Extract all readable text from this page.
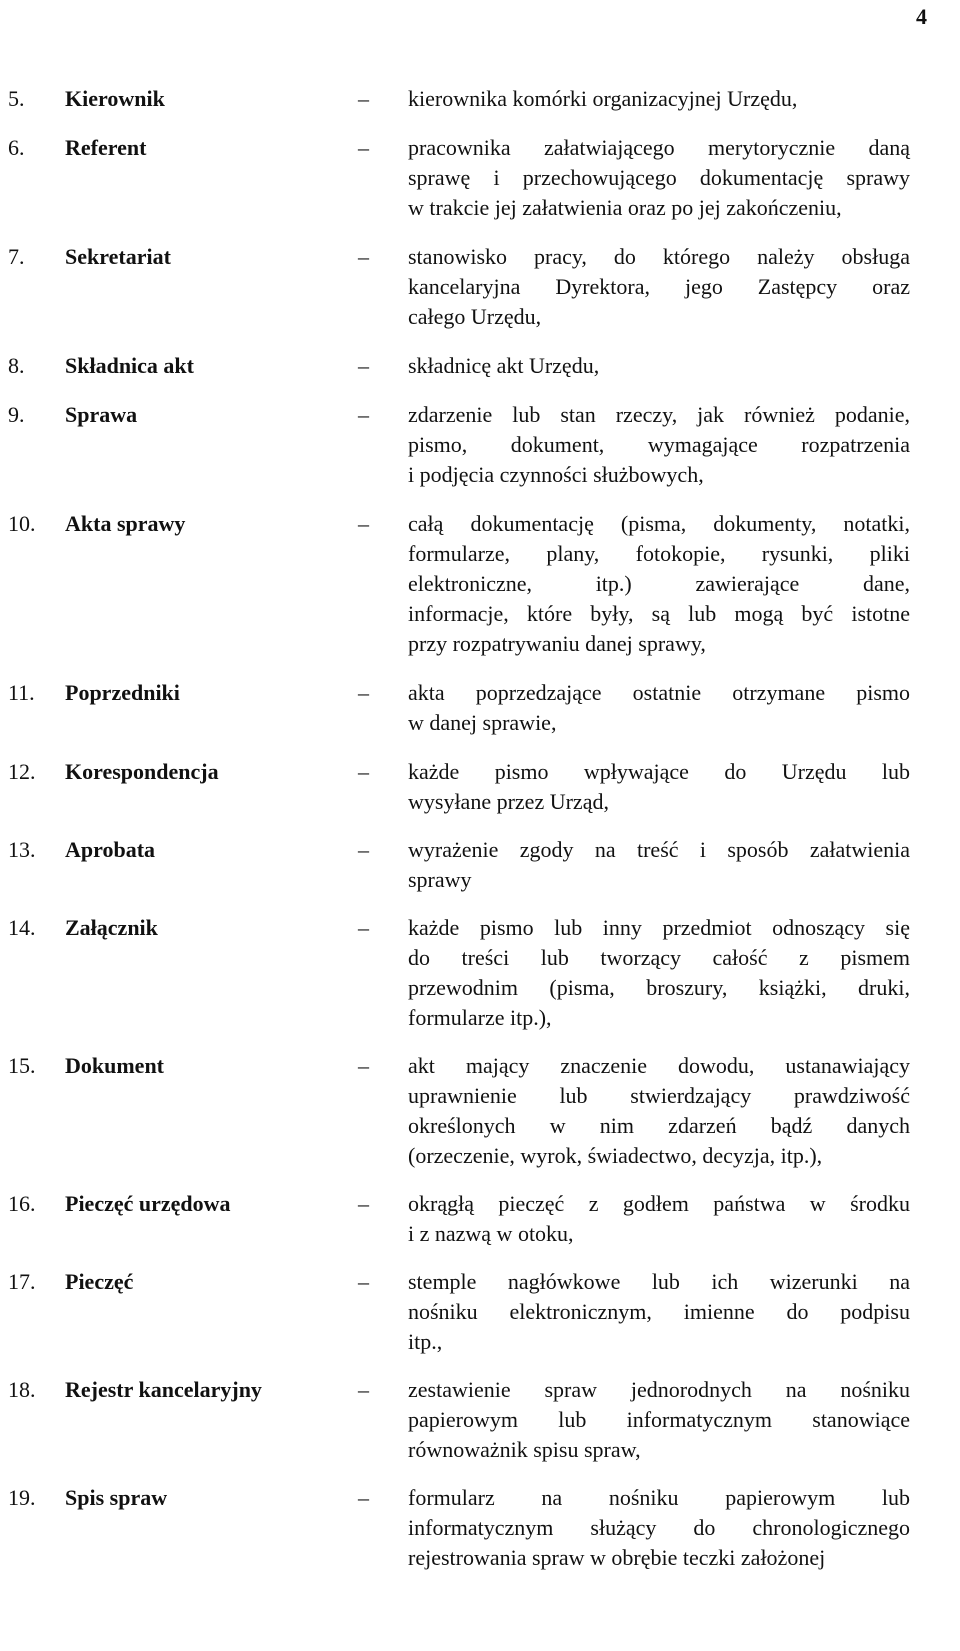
4
5. Kierownik	– kierownika komórki organizacyjnej Urzędu,
6. Referent	– pracownika załatwiającego merytorycznie daną
sprawę i przechowującego dokumentację sprawy
w trakcie jej załatwienia oraz po jej zakończeniu,
7. Sekretariat	– stanowisko pracy, do którego należy obsługa
kancelaryjna Dyrektora, jego Zastępcy oraz
całego Urzędu,
8. Składnica akt	– składnicę akt Urzędu,
9. Sprawa	– zdarzenie lub stan rzeczy, jak również podanie,
pismo, dokument, wymagające rozpatrzenia
i podjęcia czynności służbowych,
10. Akta sprawy	– całą dokumentację (pisma, dokumenty, notatki,
formularze, plany, fotokopie, rysunki, pliki
elektroniczne, itp.) zawierające dane,
informacje, które były, są lub mogą być istotne
przy rozpatrywaniu danej sprawy,
11. Poprzedniki	– akta poprzedzające ostatnie otrzymane pismo
w danej sprawie,
12. Korespondencja	– każde pismo wpływające do Urzędu lub
wysyłane przez Urząd,
13. Aprobata	– wyrażenie zgody na treść i sposób załatwienia
sprawy
14. Załącznik	– każde pismo lub inny przedmiot odnoszący się
do treści lub tworzący całość z pismem
przewodnim (pisma, broszury, książki, druki,
formularze itp.),
15. Dokument	– akt mający znaczenie dowodu, ustanawiający
uprawnienie lub stwierdzający prawdziwość
określonych w nim zdarzeń bądź danych
(orzeczenie, wyrok, świadectwo, decyzja, itp.),
16. Pieczęć urzędowa	– okrągłą pieczęć z godłem państwa w środku
i z nazwą w otoku,
17. Pieczęć	– stemple nagłówkowe lub ich wizerunki na
nośniku elektronicznym, imienne do podpisu
itp.,
18. Rejestr kancelaryjny	– zestawienie spraw jednorodnych na nośniku
papierowym lub informatycznym stanowiące
równoważnik spisu spraw,
19. Spis spraw	– formularz na nośniku papierowym lub
informatycznym służący do chronologicznego
rejestrowania spraw w obrębie teczki założonej
